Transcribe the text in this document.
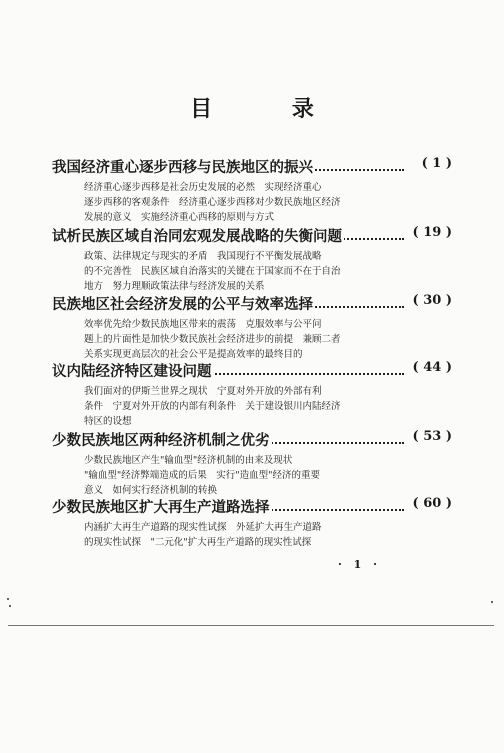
目 录
我国经济重心逐步西移与民族地区的振兴	( 1 )
经济重心逐步西移是社会历史发展的必然　实现经济重心
逐步西移的客观条件　经济重心逐步西移对少数民族地区经济
发展的意义　实施经济重心西移的原则与方式
试析民族区域自治同宏观发展战略的失衡问题	( 19 )
政策、法律规定与现实的矛盾　我国现行不平衡发展战略
的不完善性　民族区域自治落实的关键在于国家而不在于自治
地方　努力理顺政策法律与经济发展的关系
民族地区社会经济发展的公平与效率选择	( 30 )
效率优先给少数民族地区带来的震荡　克服效率与公平问
题上的片面性是加快少数民族社会经济进步的前提　兼顾二者
关系实现更高层次的社会公平是提高效率的最终目的
议内陆经济特区建设问题	( 44 )
我们面对的伊斯兰世界之现状　宁夏对外开放的外部有利
条件　宁夏对外开放的内部有利条件　关于建设银川内陆经济
特区的设想
少数民族地区两种经济机制之优劣	( 53 )
少数民族地区产生"输血型"经济机制的由来及现状
"输血型"经济弊端造成的后果　实行"造血型"经济的重要
意义　如何实行经济机制的转换
少数民族地区扩大再生产道路选择	( 60 )
内涵扩大再生产道路的现实性试探　外延扩大再生产道路
的现实性试探　"二元化"扩大再生产道路的现实性试探
· 1 ·
